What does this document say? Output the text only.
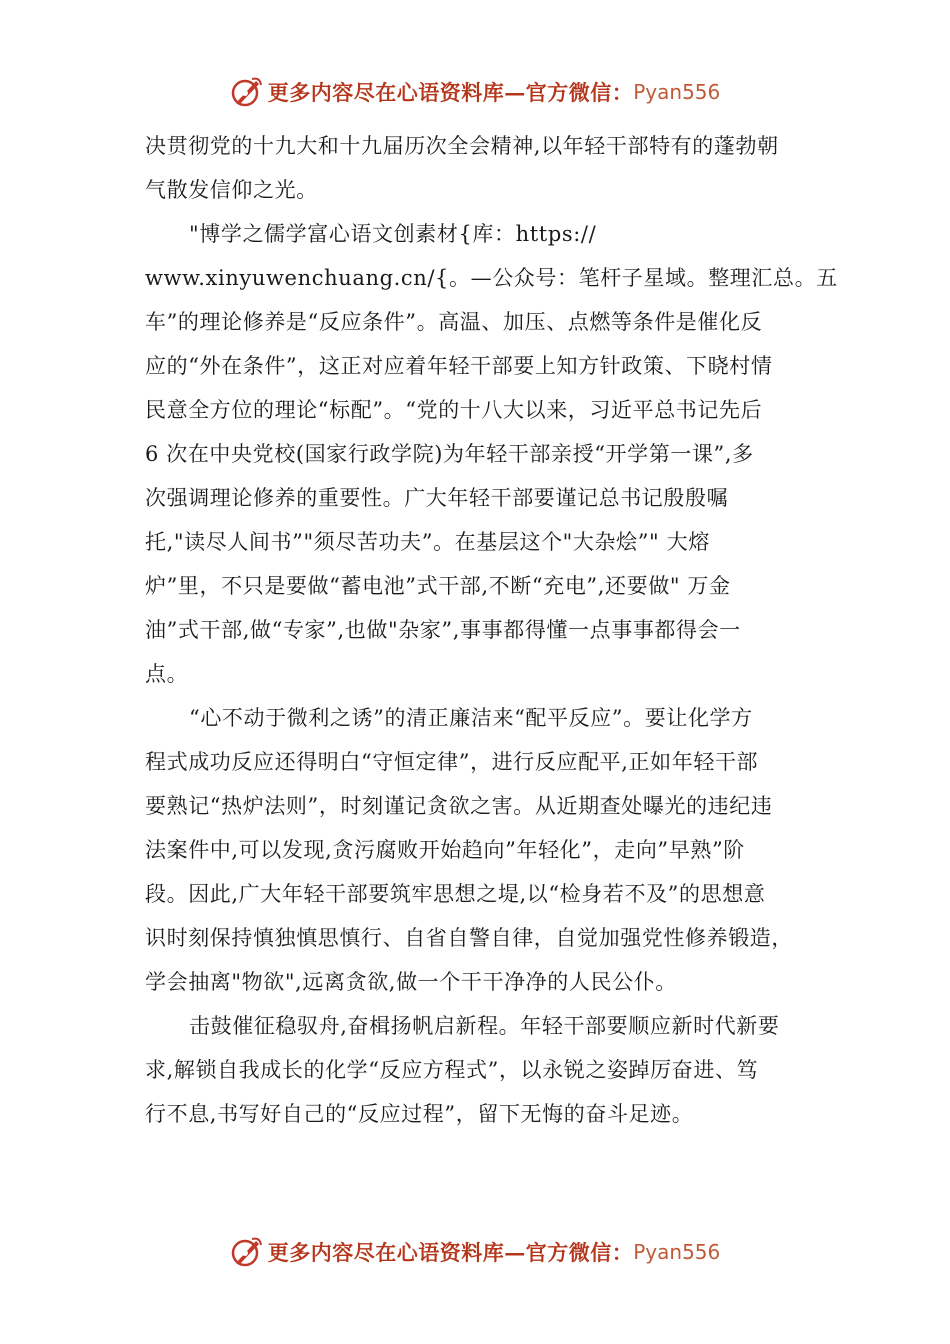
更多内容尽在心语资料库—官方微信： Pyan556
决贯彻党的十九大和十九届历次全会精神,以年轻干部特有的蓬勃朝
气散发信仰之光。
"博学之儒学富心语文创素材{库：https://
www.xinyuwenchuang.cn/{。—公众号：笔杆子星域。整理汇总。五
车”的理论修养是“反应条件”。高温、加压、点燃等条件是催化反
应的“外在条件”，这正对应着年轻干部要上知方针政策、下晓村情
民意全方位的理论“标配”。“党的十八大以来，习近平总书记先后
6 次在中央党校(国家行政学院)为年轻干部亲授“开学第一课”,多
次强调理论修养的重要性。广大年轻干部要谨记总书记殷殷嘱
托,"读尽人间书”"须尽苦功夫”。在基层这个"大杂烩”" 大熔
炉”里，不只是要做“蓄电池”式干部,不断“充电”,还要做" 万金
油”式干部,做“专家”,也做"杂家”,事事都得懂一点事事都得会一
点。
“心不动于微利之诱”的清正廉洁来“配平反应”。要让化学方
程式成功反应还得明白“守恒定律”，进行反应配平,正如年轻干部
要熟记“热炉法则”，时刻谨记贪欲之害。从近期查处曝光的违纪违
法案件中,可以发现,贪污腐败开始趋向”年轻化”，走向”早熟”阶
段。因此,广大年轻干部要筑牢思想之堤,以“检身若不及”的思想意
识时刻保持慎独慎思慎行、自省自警自律，自觉加强党性修养锻造，
学会抽离"物欲",远离贪欲,做一个干干净净的人民公仆。
击鼓催征稳驭舟,奋楫扬帆启新程。年轻干部要顺应新时代新要
求,解锁自我成长的化学“反应方程式”，以永锐之姿踔厉奋进、笃
行不息,书写好自己的“反应过程”，留下无悔的奋斗足迹。
更多内容尽在心语资料库—官方微信： Pyan556
